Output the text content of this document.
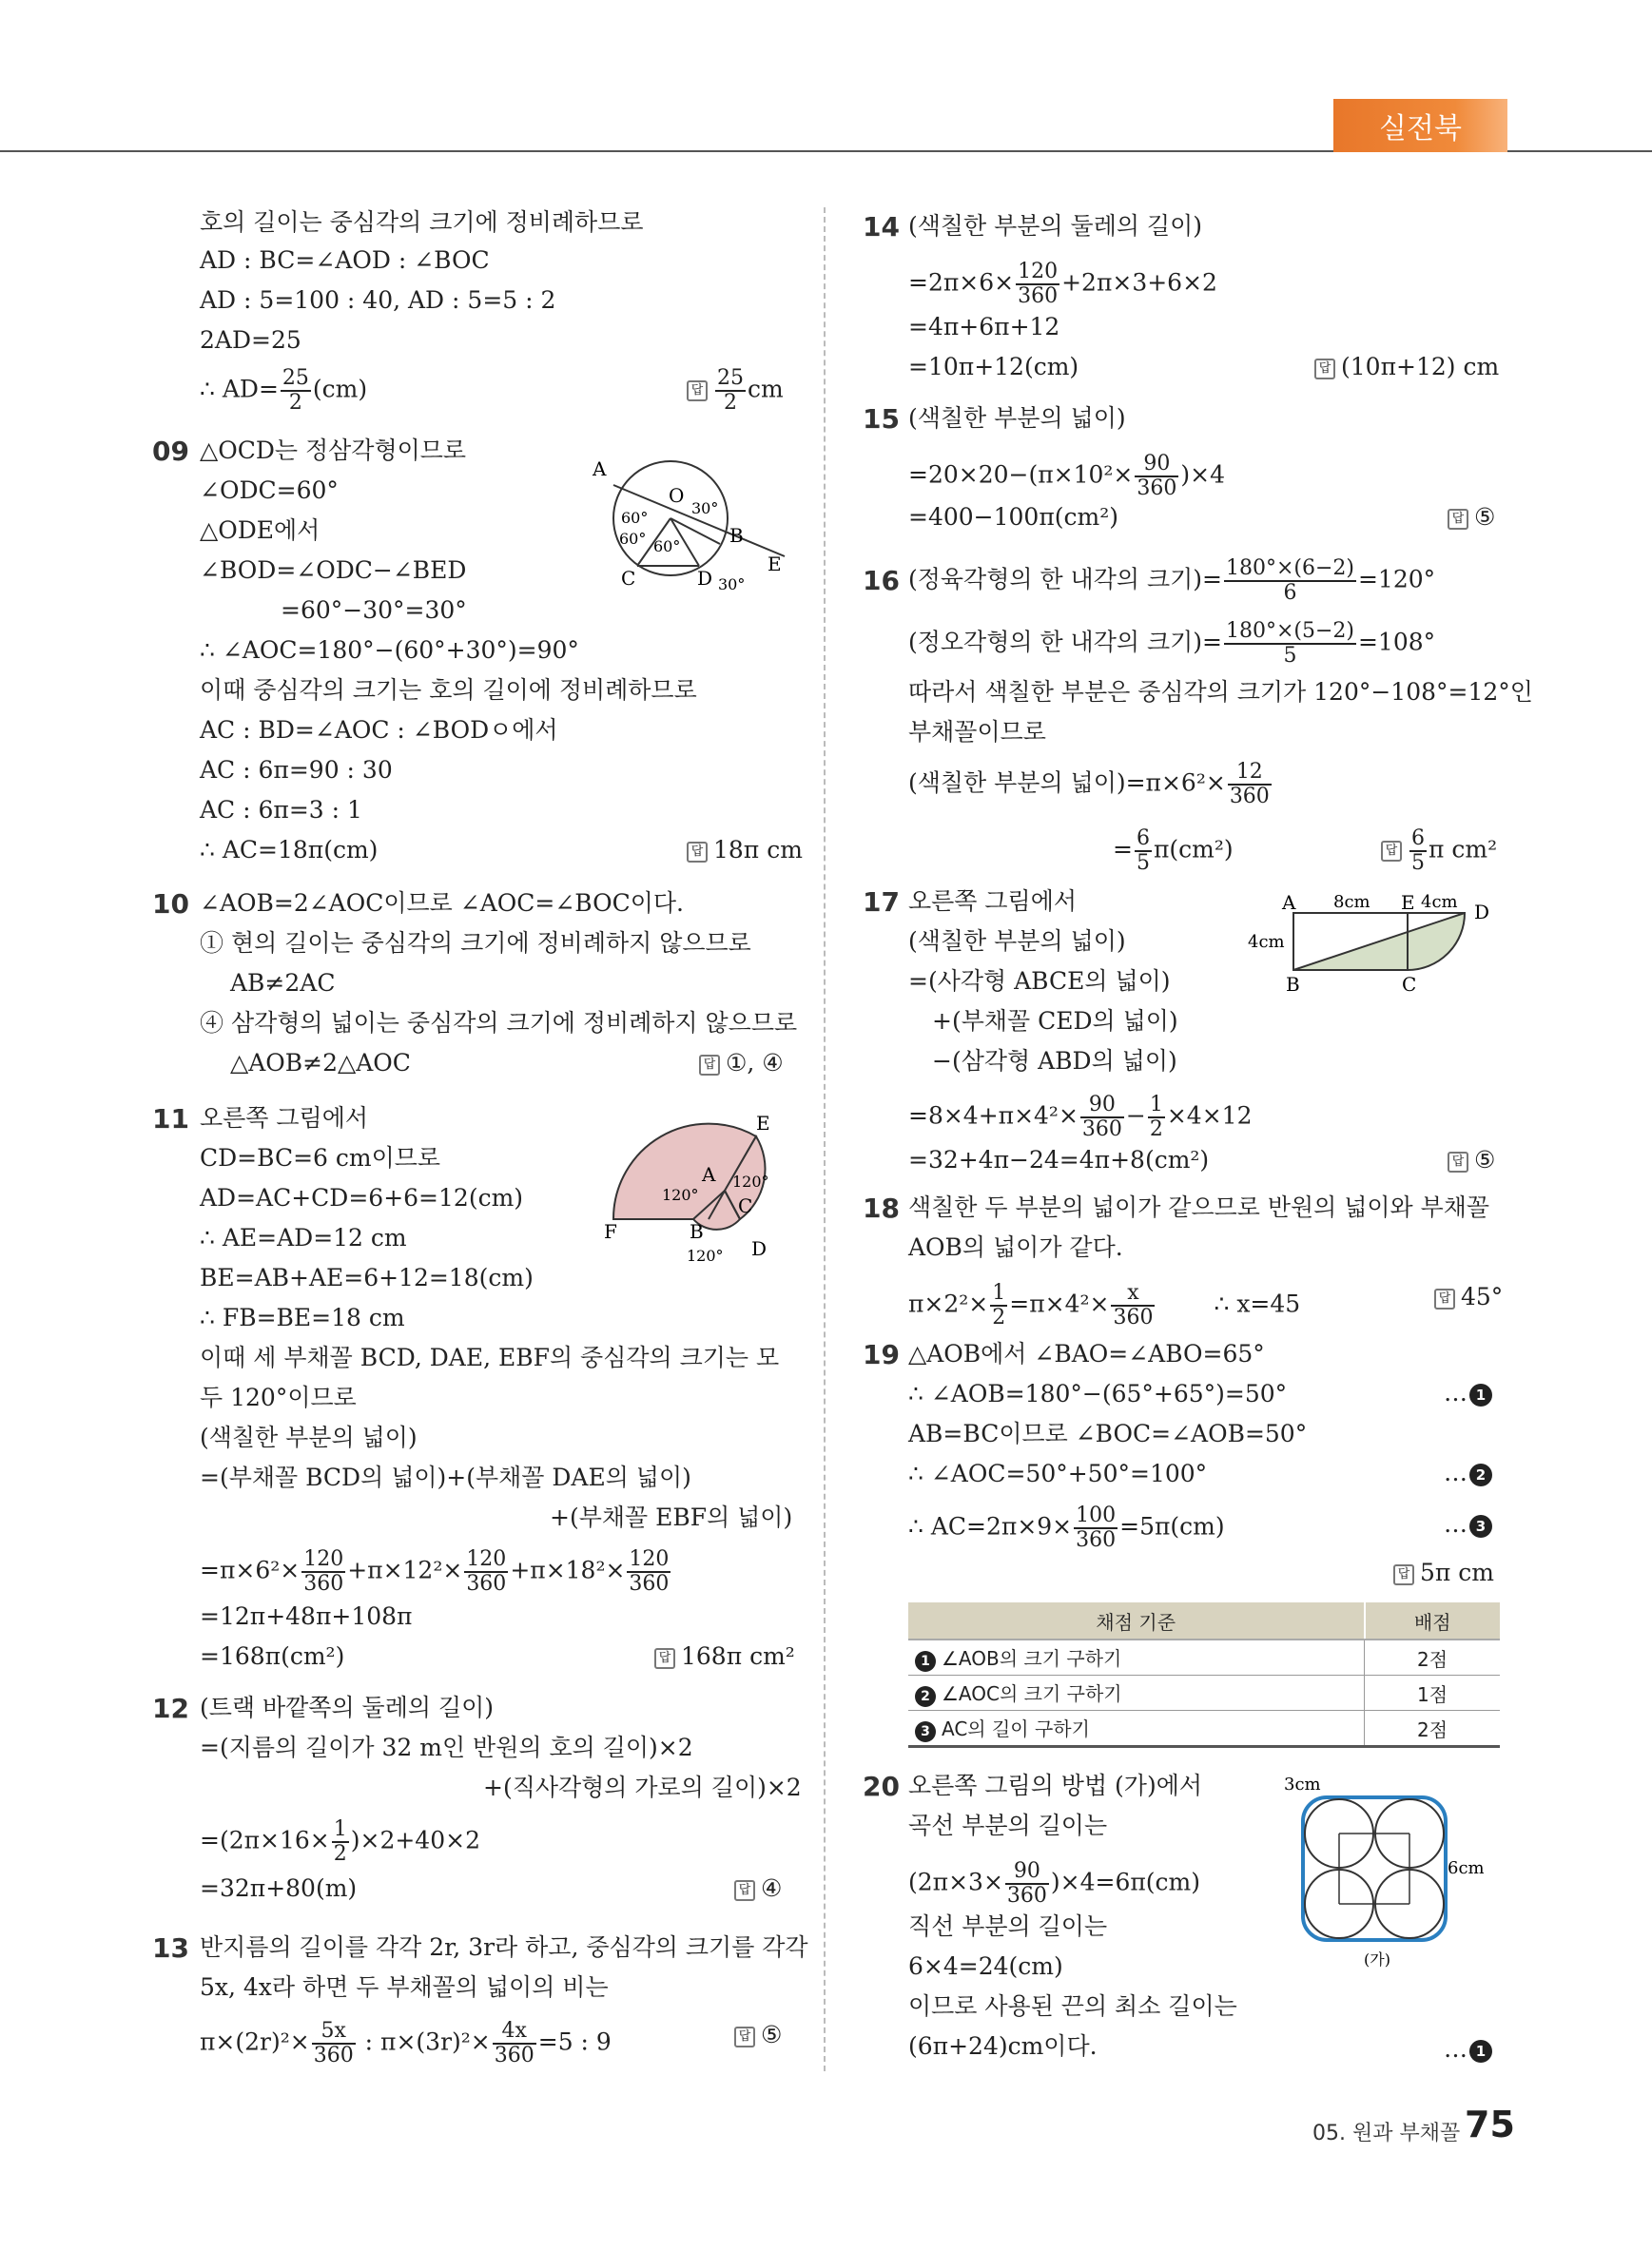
실전북
호의 길이는 중심각의 크기에 정비례하므로
AD : BC=∠AOD : ∠BOC
AD : 5=100 : 40, AD : 5=5 : 2
2AD=25
∴ $AD= \frac{25}{2} (cm)$	답 $\frac{25}{2}$ cm
09 △OCD는 정삼각형이므로
∠ODC=60°
△ODE에서
∠BOD=∠ODC−∠BED
=60°−30°=30°
∴ ∠AOC=180°−(60°+30°)=90°
이때 중심각의 크기는 호의 길이에 정비례하므로
AC : BD=∠AOC : ∠BODㅇ에서
AC : 6π=90 : 30
AC : 6π=3 : 1
∴ AC=18π(cm)	답 18π cm
A
O
B
C	D
E
60°
30°
60° 60°
30°
10 ∠AOB=2∠AOC이므로 ∠AOC=∠BOC이다.
① 현의 길이는 중심각의 크기에 정비례하지 않으므로
AB≠2AC
④ 삼각형의 넓이는 중심각의 크기에 정비례하지 않으므로
△AOB≠2△AOC	답 ①, ④
11 오른쪽 그림에서
CD=BC=6 cm이므로
AD=AC+CD=6+6=12(cm)
∴ AE=AD=12 cm
BE=AB+AE=6+12=18(cm)
∴ FB=BE=18 cm
이때 세 부채꼴 BCD, DAE, EBF의 중심각의 크기는 모
두 120°이므로
(색칠한 부분의 넓이)
=(부채꼴 BCD의 넓이)+(부채꼴 DAE의 넓이)
+(부채꼴 EBF의 넓이)
$=\pi\times 6^2\times \frac{120}{360} +\pi\times 12^2\times \frac{120}{360} +\pi\times 18^2\times \frac{120}{360}$
=12π+48π+108π
=168π(cm²)	답 168π cm²
E
A
C
B
F
D
120°
120°
120°
12 (트랙 바깥쪽의 둘레의 길이)
=(지름의 길이가 32 m인 반원의 호의 길이)×2
+(직사각형의 가로의 길이)×2
$=(2\pi\times 16\times \frac{1}{2} )\times 2+40\times 2$
=32π+80(m)	답 ④
13 반지름의 길이를 각각 2r, 3r라 하고, 중심각의 크기를 각각
5x, 4x라 하면 두 부채꼴의 넓이의 비는
$\pi\times(2r)^2\times \frac{5x}{360}$ : $\pi\times(3r)^2\times \frac{4x}{360} =5$ : 9	답 ⑤
14 (색칠한 부분의 둘레의 길이)
$=2\pi\times 6\times \frac{120}{360} +2\pi\times 3+6\times 2$
=4π+6π+12
=10π+12(cm)	답 (10π+12) cm
15 (색칠한 부분의 넓이)
$=20\times 20-(\pi\times 10^2\times \frac{90}{360} )\times 4$
=400−100π(cm²)	답 ⑤
16 (정육각형의 한 내각의 크기)= $\frac{180^\circ\times(6-2)}{6} =120^\circ$
(정오각형의 한 내각의 크기)= $\frac{180^\circ\times(5-2)}{5} =108^\circ$
따라서 색칠한 부분은 중심각의 크기가 120°−108°=12°인
부채꼴이므로
(색칠한 부분의 넓이)$=\pi\times 6^2\times \frac{12}{360}$
= $\frac{6}{5} \pi(cm^2)$	답 $\frac{6}{5}$ π cm²
17 오른쪽 그림에서
(색칠한 부분의 넓이)
=(사각형 ABCE의 넓이)
+(부채꼴 CED의 넓이)
−(삼각형 ABD의 넓이)
$=8\times 4+\pi\times 4^2\times \frac{90}{360} - \frac{1}{2} \times 4\times 12$
=32+4π−24=4π+8(cm²)	답 ⑤
A	E	D
B	C
8cm	4cm
4cm
18 색칠한 두 부분의 넓이가 같으므로 반원의 넓이와 부채꼴
AOB의 넓이가 같다.
$\pi\times 2^2\times \frac{1}{2} =\pi\times 4^2\times \frac{x}{360}$ ∴ x=45	답 45°
19 △AOB에서 ∠BAO=∠ABO=65°
∴ ∠AOB=180°−(65°+65°)=50°
AB=BC이므로 ∠BOC=∠AOB=50°
∴ ∠AOC=50°+50°=100°
∴ $AC=2\pi\times 9\times \frac{100}{360} =5\pi(cm)$
… 1
… 2
… 3
답 5π cm
채점 기준	배점
1 ∠AOB의 크기 구하기	2점
2 ∠AOC의 크기 구하기	1점
3 AC의 길이 구하기	2점
20 오른쪽 그림의 방법 (가)에서
곡선 부분의 길이는
$(2\pi\times 3\times \frac{90}{360} )\times 4=6\pi(cm)$
직선 부분의 길이는
6×4=24(cm)
이므로 사용된 끈의 최소 길이는
(6π+24)cm이다.	… 1
3cm
6cm
(가)
05. 원과 부채꼴 75
